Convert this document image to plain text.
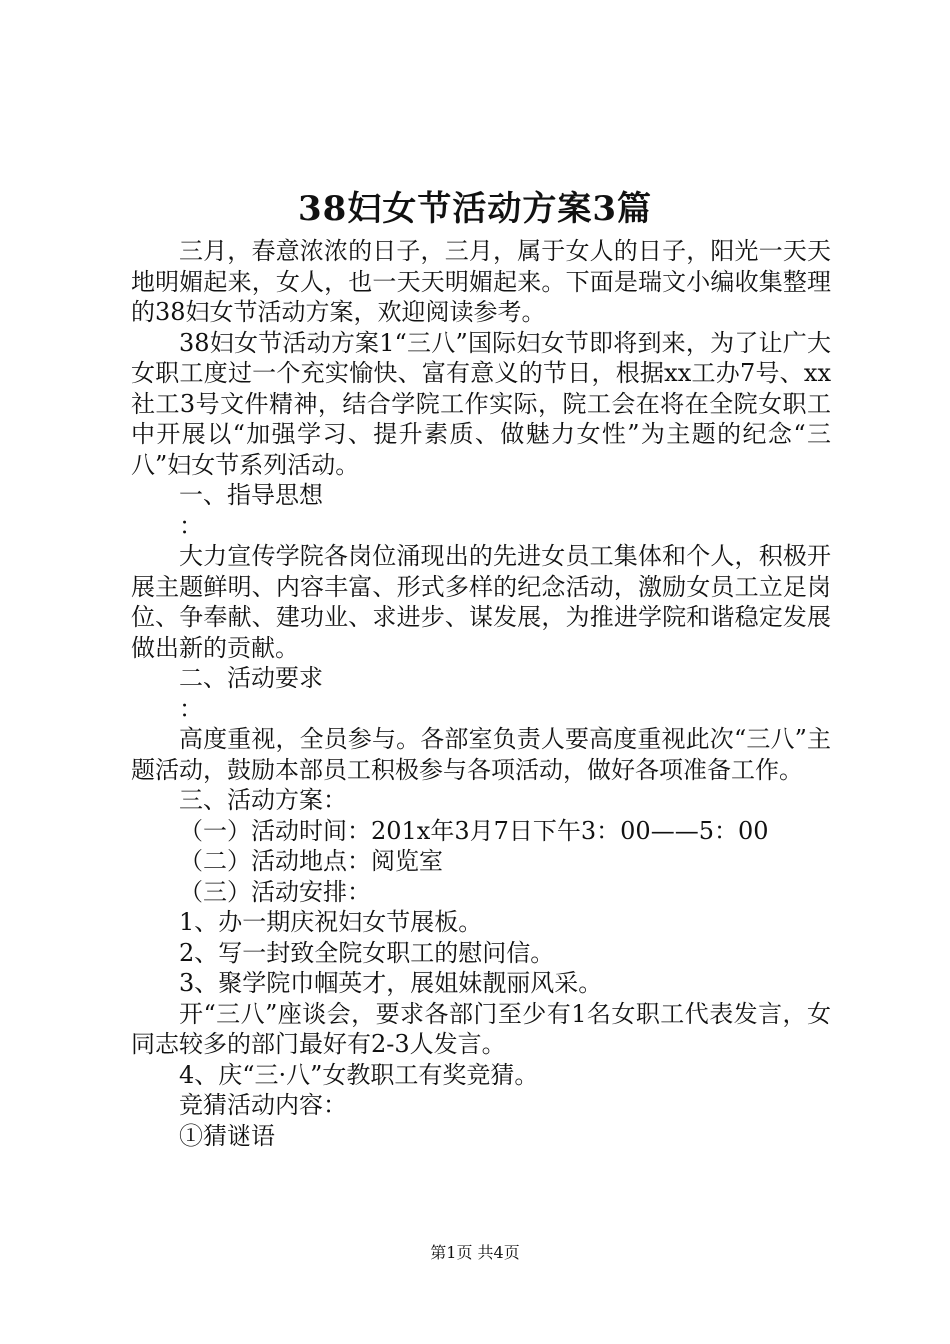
38妇女节活动方案3篇

三月，春意浓浓的日子，三月，属于女人的日子，阳光一天天地明媚起来，女人，也一天天明媚起来。下面是瑞文小编收集整理的38妇女节活动方案，欢迎阅读参考。

38妇女节活动方案1“三八”国际妇女节即将到来，为了让广大女职工度过一个充实愉快、富有意义的节日，根据xx工办7号、xx社工3号文件精神，结合学院工作实际，院工会在将在全院女职工中开展以“加强学习、提升素质、做魅力女性”为主题的纪念“三八”妇女节系列活动。

一、指导思想

：

大力宣传学院各岗位涌现出的先进女员工集体和个人，积极开展主题鲜明、内容丰富、形式多样的纪念活动，激励女员工立足岗位、争奉献、建功业、求进步、谋发展，为推进学院和谐稳定发展做出新的贡献。

二、活动要求

：

高度重视，全员参与。各部室负责人要高度重视此次“三八”主题活动，鼓励本部员工积极参与各项活动，做好各项准备工作。

三、活动方案：

（一）活动时间：201x年3月7日下午3：00——5：00

（二）活动地点：阅览室

（三）活动安排：

1、办一期庆祝妇女节展板。

2、写一封致全院女职工的慰问信。

3、聚学院巾帼英才，展姐妹靓丽风采。

开“三八”座谈会，要求各部门至少有1名女职工代表发言，女同志较多的部门最好有2-3人发言。

4、庆“三·八”女教职工有奖竞猜。

竞猜活动内容：

①猜谜语

第1页 共4页
